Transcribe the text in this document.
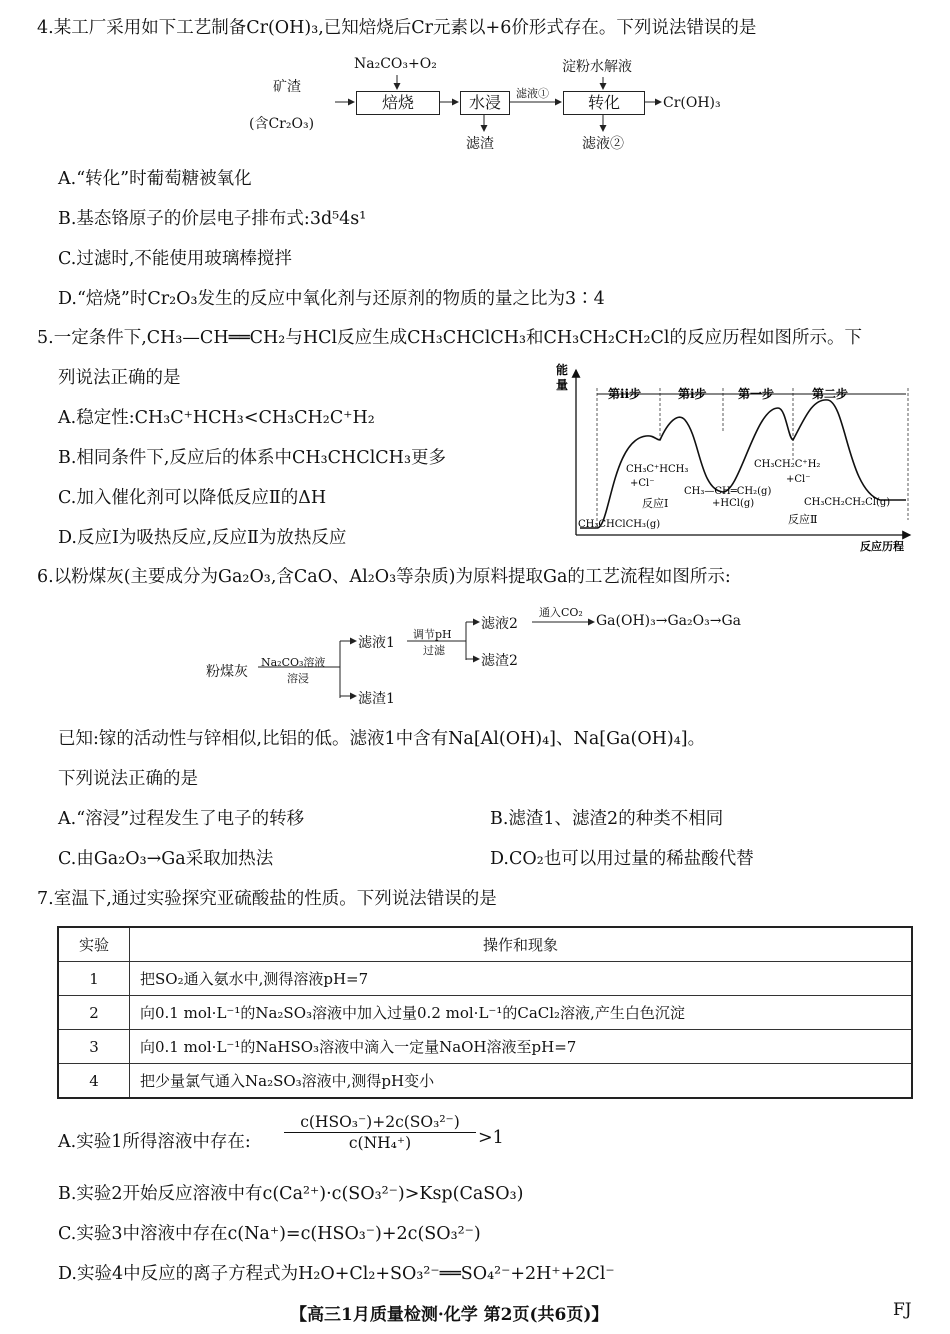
4.某工厂采用如下工艺制备Cr(OH)₃,已知焙烧后Cr元素以+6价形式存在。下列说法错误的是
矿渣
(含Cr₂O₃)
Na₂CO₃+O₂
焙烧	水浸
滤渣
滤液①
淀粉水解液
转化
滤液②
Cr(OH)₃
A.“转化”时葡萄糖被氧化
B.基态铬原子的价层电子排布式:3d⁵4s¹
C.过滤时,不能使用玻璃棒搅拌
D.“焙烧”时Cr₂O₃发生的反应中氧化剂与还原剂的物质的量之比为3∶4
5.一定条件下,CH₃—CH══CH₂与HCl反应生成CH₃CHClCH₃和CH₃CH₂CH₂Cl的反应历程如图所示。下
列说法正确的是
A.稳定性:CH₃C⁺HCH₃<CH₃CH₂C⁺H₂
B.相同条件下,反应后的体系中CH₃CHClCH₃更多
C.加入催化剂可以降低反应Ⅱ的ΔH
D.反应Ⅰ为吸热反应,反应Ⅱ为放热反应
能
量
反应历程
第ⅱ步	第ⅰ步	第一步	第二步
CH₃C⁺HCH₃
+Cl⁻
反应Ⅰ
CH₃CHClCH₃(g)
CH₃—CH═CH₂(g)
+HCl(g)
CH₃CH₂C⁺H₂
+Cl⁻
CH₃CH₂CH₂Cl(g)
反应Ⅱ
6.以粉煤灰(主要成分为Ga₂O₃,含CaO、Al₂O₃等杂质)为原料提取Ga的工艺流程如图所示:
粉煤灰
Na₂CO₃溶液
溶浸
滤液1
调节pH
过滤
滤液2
通入CO₂
Ga(OH)₃→Ga₂O₃→Ga
滤渣2
滤渣1
已知:镓的活动性与锌相似,比铝的低。滤液1中含有Na[Al(OH)₄]、Na[Ga(OH)₄]。
下列说法正确的是
A.“溶浸”过程发生了电子的转移	B.滤渣1、滤渣2的种类不相同
C.由Ga₂O₃→Ga采取加热法	D.CO₂也可以用过量的稀盐酸代替
7.室温下,通过实验探究亚硫酸盐的性质。下列说法错误的是
实验	操作和现象
1	把SO₂通入氨水中,测得溶液pH=7
2	向0.1 mol·L⁻¹的Na₂SO₃溶液中加入过量0.2 mol·L⁻¹的CaCl₂溶液,产生白色沉淀
3	向0.1 mol·L⁻¹的NaHSO₃溶液中滴入一定量NaOH溶液至pH=7
4	把少量氯气通入Na₂SO₃溶液中,测得pH变小
A.实验1所得溶液中存在:
c(HSO₃⁻)+2c(SO₃²⁻)
c(NH₄⁺)	>1
B.实验2开始反应溶液中有c(Ca²⁺)·c(SO₃²⁻)>Ksp(CaSO₃)
C.实验3中溶液中存在c(Na⁺)=c(HSO₃⁻)+2c(SO₃²⁻)
D.实验4中反应的离子方程式为H₂O+Cl₂+SO₃²⁻══SO₄²⁻+2H⁺+2Cl⁻
【高三1月质量检测·化学 第2页(共6页)】	FJ
